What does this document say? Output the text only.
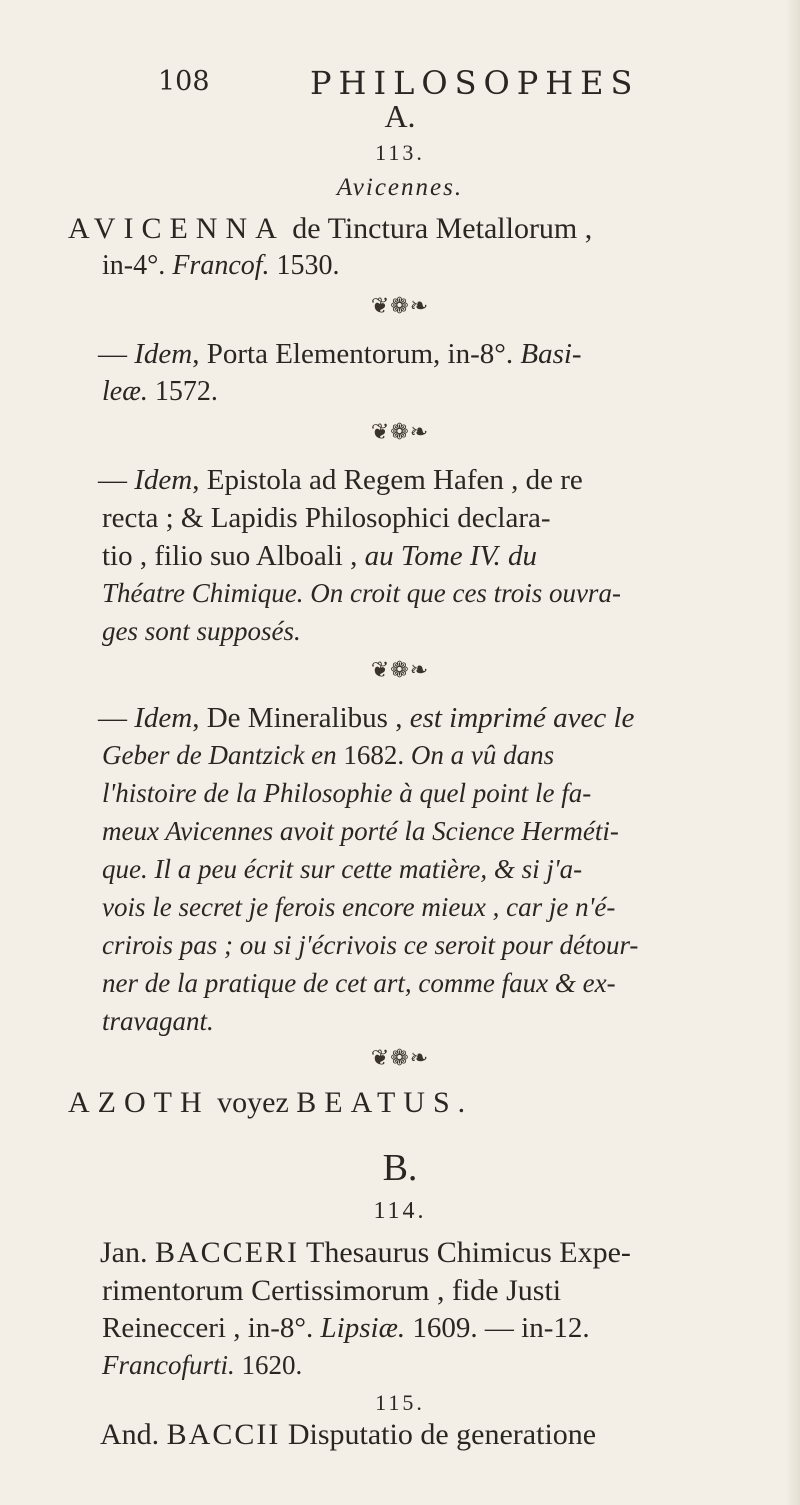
108	PHILOSOPHES
A.
113.
Avicennes.
AVICENNA de Tinctura Metallorum ,
in-4°. Francof. 1530.
❦❁❧
— Idem, Porta Elementorum, in-8°. Basi-
leæ. 1572.
❦❁❧
— Idem, Epistola ad Regem Hafen , de re
recta ; & Lapidis Philosophici declara-
tio , filio suo Alboali , au Tome IV. du
Théatre Chimique. On croit que ces trois ouvra-
ges sont supposés.
❦❁❧
— Idem, De Mineralibus , est imprimé avec le
Geber de Dantzick en 1682. On a vû dans
l'histoire de la Philosophie à quel point le fa-
meux Avicennes avoit porté la Science Herméti-
que. Il a peu écrit sur cette matière, & si j'a-
vois le secret je ferois encore mieux , car je n'é-
crirois pas ; ou si j'écrivois ce seroit pour détour-
ner de la pratique de cet art, comme faux & ex-
travagant.
❦❁❧
AZOTH voyez BEATUS.
B.
114.
Jan. BACCERI Thesaurus Chimicus Expe-
rimentorum Certissimorum , fide Justi
Reinecceri , in-8°. Lipsiæ. 1609. — in-12.
Francofurti. 1620.
115.
And. BACCII Disputatio de generatione
